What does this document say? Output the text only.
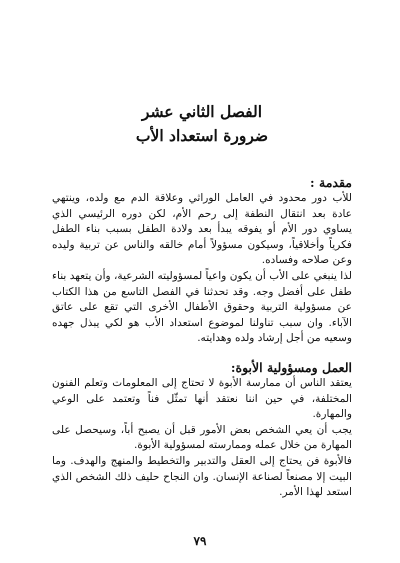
الفصل الثاني عشر
ضرورة استعداد الأب
مقدمة :

للأب دور محدود في العامل الوراثي وعلاقة الدم مع ولده، وينتهي عادة بعد انتقال النطفة إلى رحم الأم، لكن دوره الرئيسي الذي يساوي دور الأم أو يفوقه يبدأ بعد ولادة الطفل بسبب بناء الطفل فكرياً وأخلاقياً، وسيكون مسؤولاً أمام خالقه والناس عن تربية وليده وعن صلاحه وفساده.

لذا ينبغي على الأب أن يكون واعياً لمسؤوليته الشرعية، وأن يتعهد بناء طفل على أفضل وجه. وقد تحدثنا في الفصل التاسع من هذا الكتاب عن مسؤولية التربية وحقوق الأطفال الأخرى التي تقع على عاتق الآباء. وان سبب تناولنا لموضوع استعداد الأب هو لكي يبذل جهده وسعيه من أجل إرشاد ولده وهدايته.

العمل ومسؤولية الأبوة:

يعتقد الناس أن ممارسة الأبوة لا تحتاج إلى المعلومات وتعلم الفنون المختلفة، في حين اننا نعتقد أنها تمثّل فناً وتعتمد على الوعي والمهارة.

يجب أن يعي الشخص بعض الأمور قبل أن يصبح أباً، وسيحصل على المهارة من خلال عمله وممارسته لمسؤولية الأبوة.

فالأبوة فن يحتاج إلى العقل والتدبير والتخطيط والمنهج والهدف. وما البيت إلا مصنعاً لصناعة الإنسان. وان النجاح حليف ذلك الشخص الذي استعد لهذا الأمر.

٧٩
